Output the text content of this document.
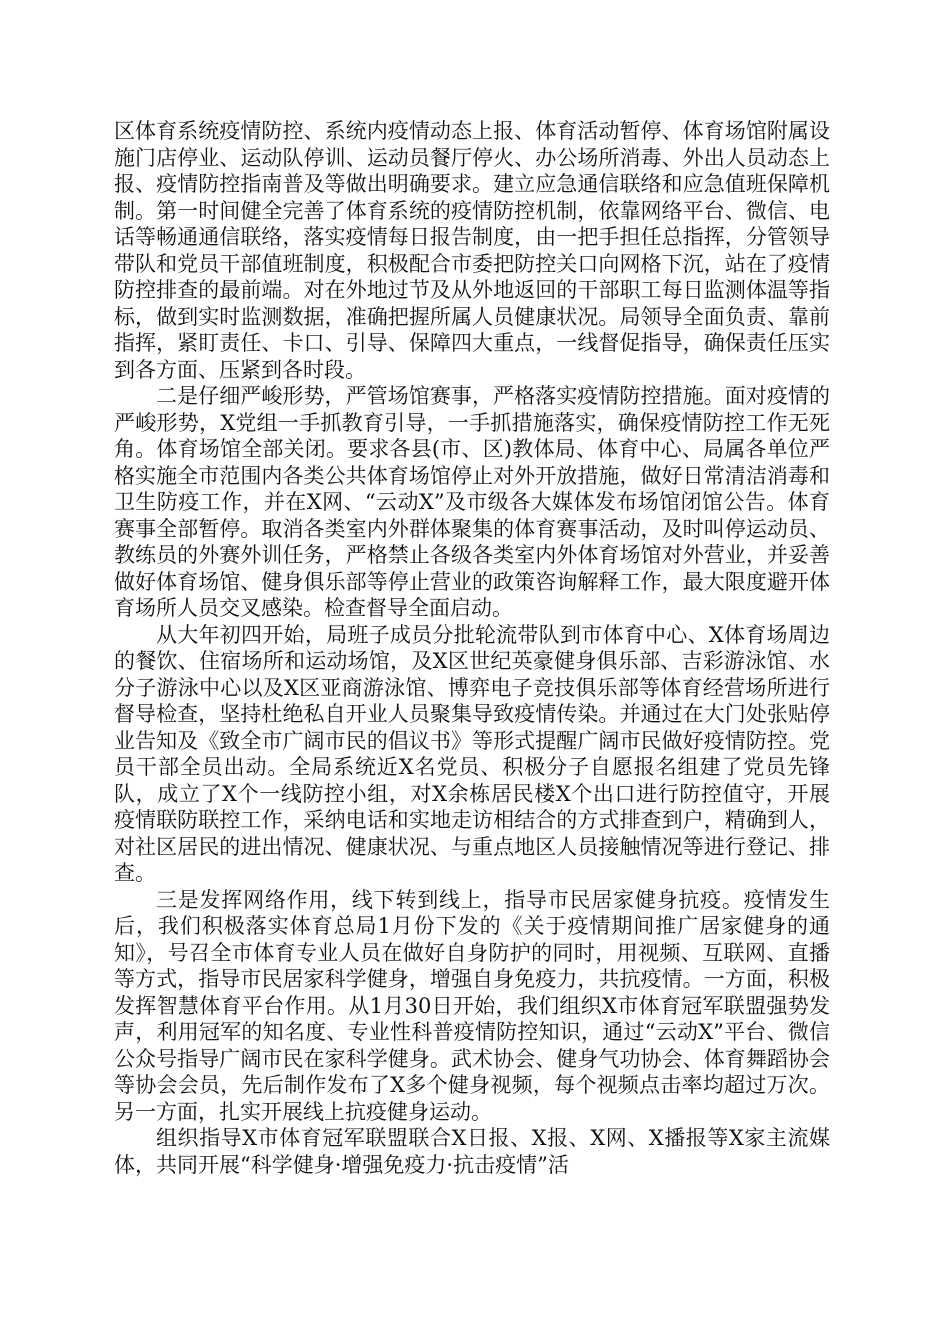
区体育系统疫情防控、系统内疫情动态上报、体育活动暂停、体育场馆附属设施门店停业、运动队停训、运动员餐厅停火、办公场所消毒、外出人员动态上报、疫情防控指南普及等做出明确要求。建立应急通信联络和应急值班保障机制。第一时间健全完善了体育系统的疫情防控机制，依靠网络平台、微信、电话等畅通通信联络，落实疫情每日报告制度，由一把手担任总指挥，分管领导带队和党员干部值班制度，积极配合市委把防控关口向网格下沉，站在了疫情防控排查的最前端。对在外地过节及从外地返回的干部职工每日监测体温等指标，做到实时监测数据，准确把握所属人员健康状况。局领导全面负责、靠前指挥，紧盯责任、卡口、引导、保障四大重点，一线督促指导，确保责任压实到各方面、压紧到各时段。

二是仔细严峻形势，严管场馆赛事，严格落实疫情防控措施。面对疫情的严峻形势，X党组一手抓教育引导，一手抓措施落实，确保疫情防控工作无死角。体育场馆全部关闭。要求各县(市、区)教体局、体育中心、局属各单位严格实施全市范围内各类公共体育场馆停止对外开放措施，做好日常清洁消毒和卫生防疫工作，并在X网、“云动X”及市级各大媒体发布场馆闭馆公告。体育赛事全部暂停。取消各类室内外群体聚集的体育赛事活动，及时叫停运动员、教练员的外赛外训任务，严格禁止各级各类室内外体育场馆对外营业，并妥善做好体育场馆、健身俱乐部等停止营业的政策咨询解释工作，最大限度避开体育场所人员交叉感染。检查督导全面启动。

从大年初四开始，局班子成员分批轮流带队到市体育中心、X体育场周边的餐饮、住宿场所和运动场馆，及X区世纪英豪健身俱乐部、吉彩游泳馆、水分子游泳中心以及X区亚商游泳馆、博弈电子竞技俱乐部等体育经营场所进行督导检查，坚持杜绝私自开业人员聚集导致疫情传染。并通过在大门处张贴停业告知及《致全市广阔市民的倡议书》等形式提醒广阔市民做好疫情防控。党员干部全员出动。全局系统近X名党员、积极分子自愿报名组建了党员先锋队，成立了X个一线防控小组，对X余栋居民楼X个出口进行防控值守，开展疫情联防联控工作，采纳电话和实地走访相结合的方式排查到户，精确到人，对社区居民的进出情况、健康状况、与重点地区人员接触情况等进行登记、排查。

三是发挥网络作用，线下转到线上，指导市民居家健身抗疫。疫情发生后，我们积极落实体育总局1月份下发的《关于疫情期间推广居家健身的通知》，号召全市体育专业人员在做好自身防护的同时，用视频、互联网、直播等方式，指导市民居家科学健身，增强自身免疫力，共抗疫情。一方面，积极发挥智慧体育平台作用。从1月30日开始，我们组织X市体育冠军联盟强势发声，利用冠军的知名度、专业性科普疫情防控知识，通过“云动X”平台、微信公众号指导广阔市民在家科学健身。武术协会、健身气功协会、体育舞蹈协会等协会会员，先后制作发布了X多个健身视频，每个视频点击率均超过万次。另一方面，扎实开展线上抗疫健身运动。

组织指导X市体育冠军联盟联合X日报、X报、X网、X播报等X家主流媒体，共同开展“科学健身·增强免疫力·抗击疫情”活
